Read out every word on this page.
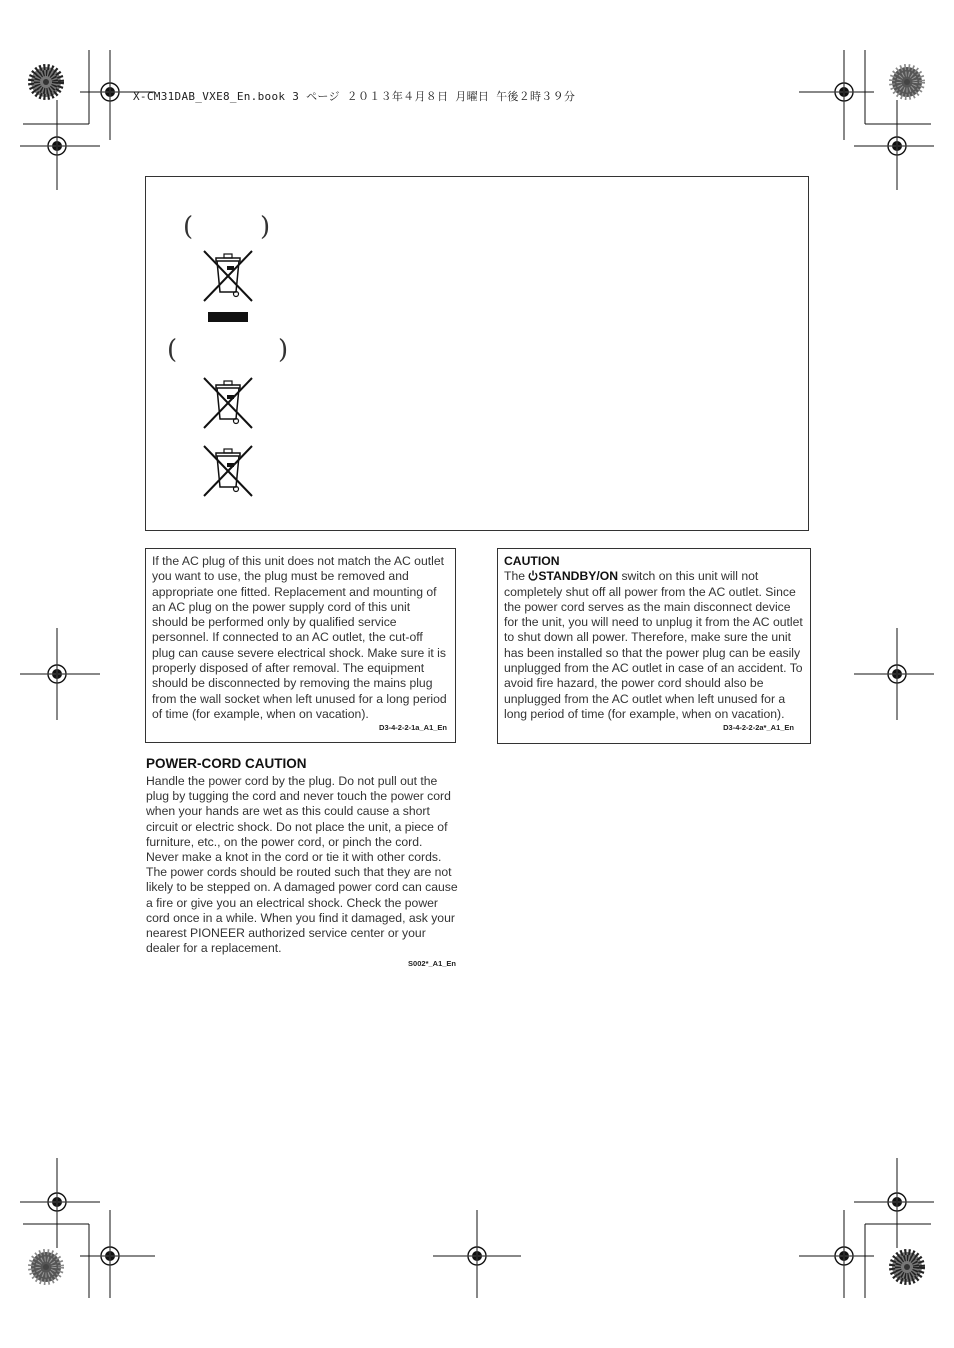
X-CM31DAB_VXE8_En.book 3 ページ ２０１３年４月８日 月曜日 午後２時３９分
(	)
(	)
If the AC plug of this unit does not match the AC outlet you want to use, the plug must be removed and appropriate one fitted. Replacement and mounting of an AC plug on the power supply cord of this unit should be performed only by qualified service personnel. If connected to an AC outlet, the cut-off plug can cause severe electrical shock. Make sure it is properly disposed of after removal. The equipment should be disconnected by removing the mains plug from the wall socket when left unused for a long period of time (for example, when on vacation).
D3-4-2-2-1a_A1_En
CAUTION
The STANDBY/ON switch on this unit will not completely shut off all power from the AC outlet. Since the power cord serves as the main disconnect device for the unit, you will need to unplug it from the AC outlet to shut down all power. Therefore, make sure the unit has been installed so that the power plug can be easily unplugged from the AC outlet in case of an accident. To avoid fire hazard, the power cord should also be unplugged from the AC outlet when left unused for a long period of time (for example, when on vacation).
D3-4-2-2-2a*_A1_En
POWER-CORD CAUTION
Handle the power cord by the plug. Do not pull out the plug by tugging the cord and never touch the power cord when your hands are wet as this could cause a short circuit or electric shock. Do not place the unit, a piece of furniture, etc., on the power cord, or pinch the cord. Never make a knot in the cord or tie it with other cords. The power cords should be routed such that they are not likely to be stepped on. A damaged power cord can cause a fire or give you an electrical shock. Check the power cord once in a while. When you find it damaged, ask your nearest PIONEER authorized service center or your dealer for a replacement.
S002*_A1_En
